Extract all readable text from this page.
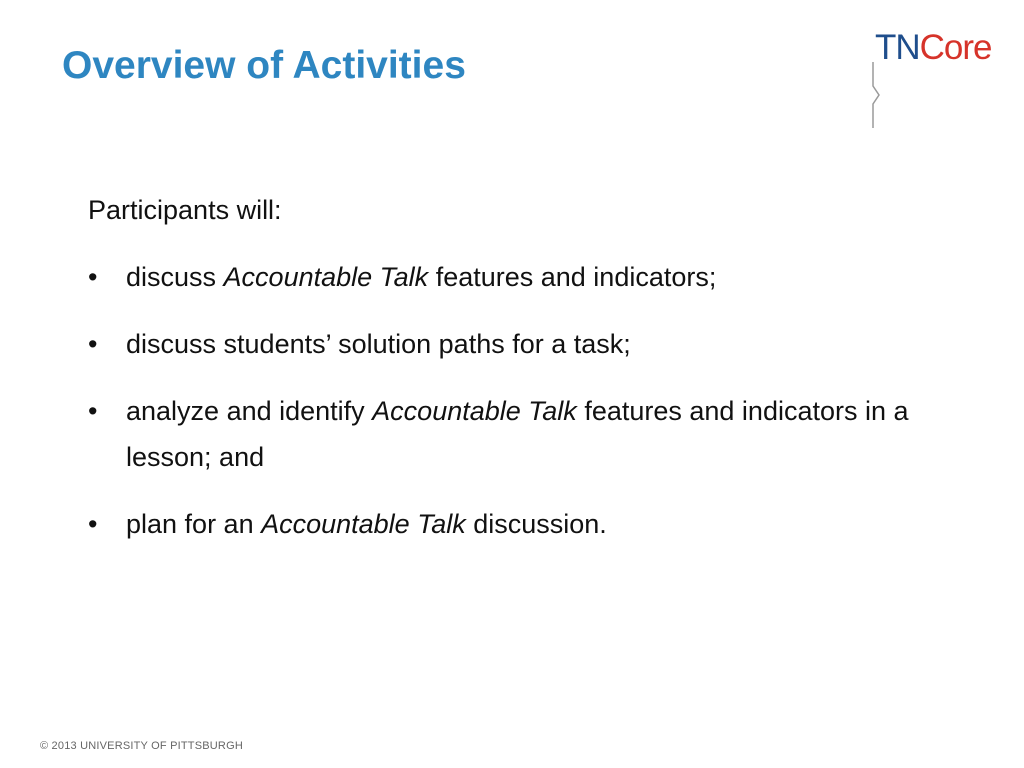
Overview of Activities	TNCore

Participants will:

• discuss Accountable Talk features and indicators;
• discuss students’ solution paths for a task;
• analyze and identify Accountable Talk features and indicators in a lesson; and
• plan for an Accountable Talk discussion.
© 2013 UNIVERSITY OF PITTSBURGH
